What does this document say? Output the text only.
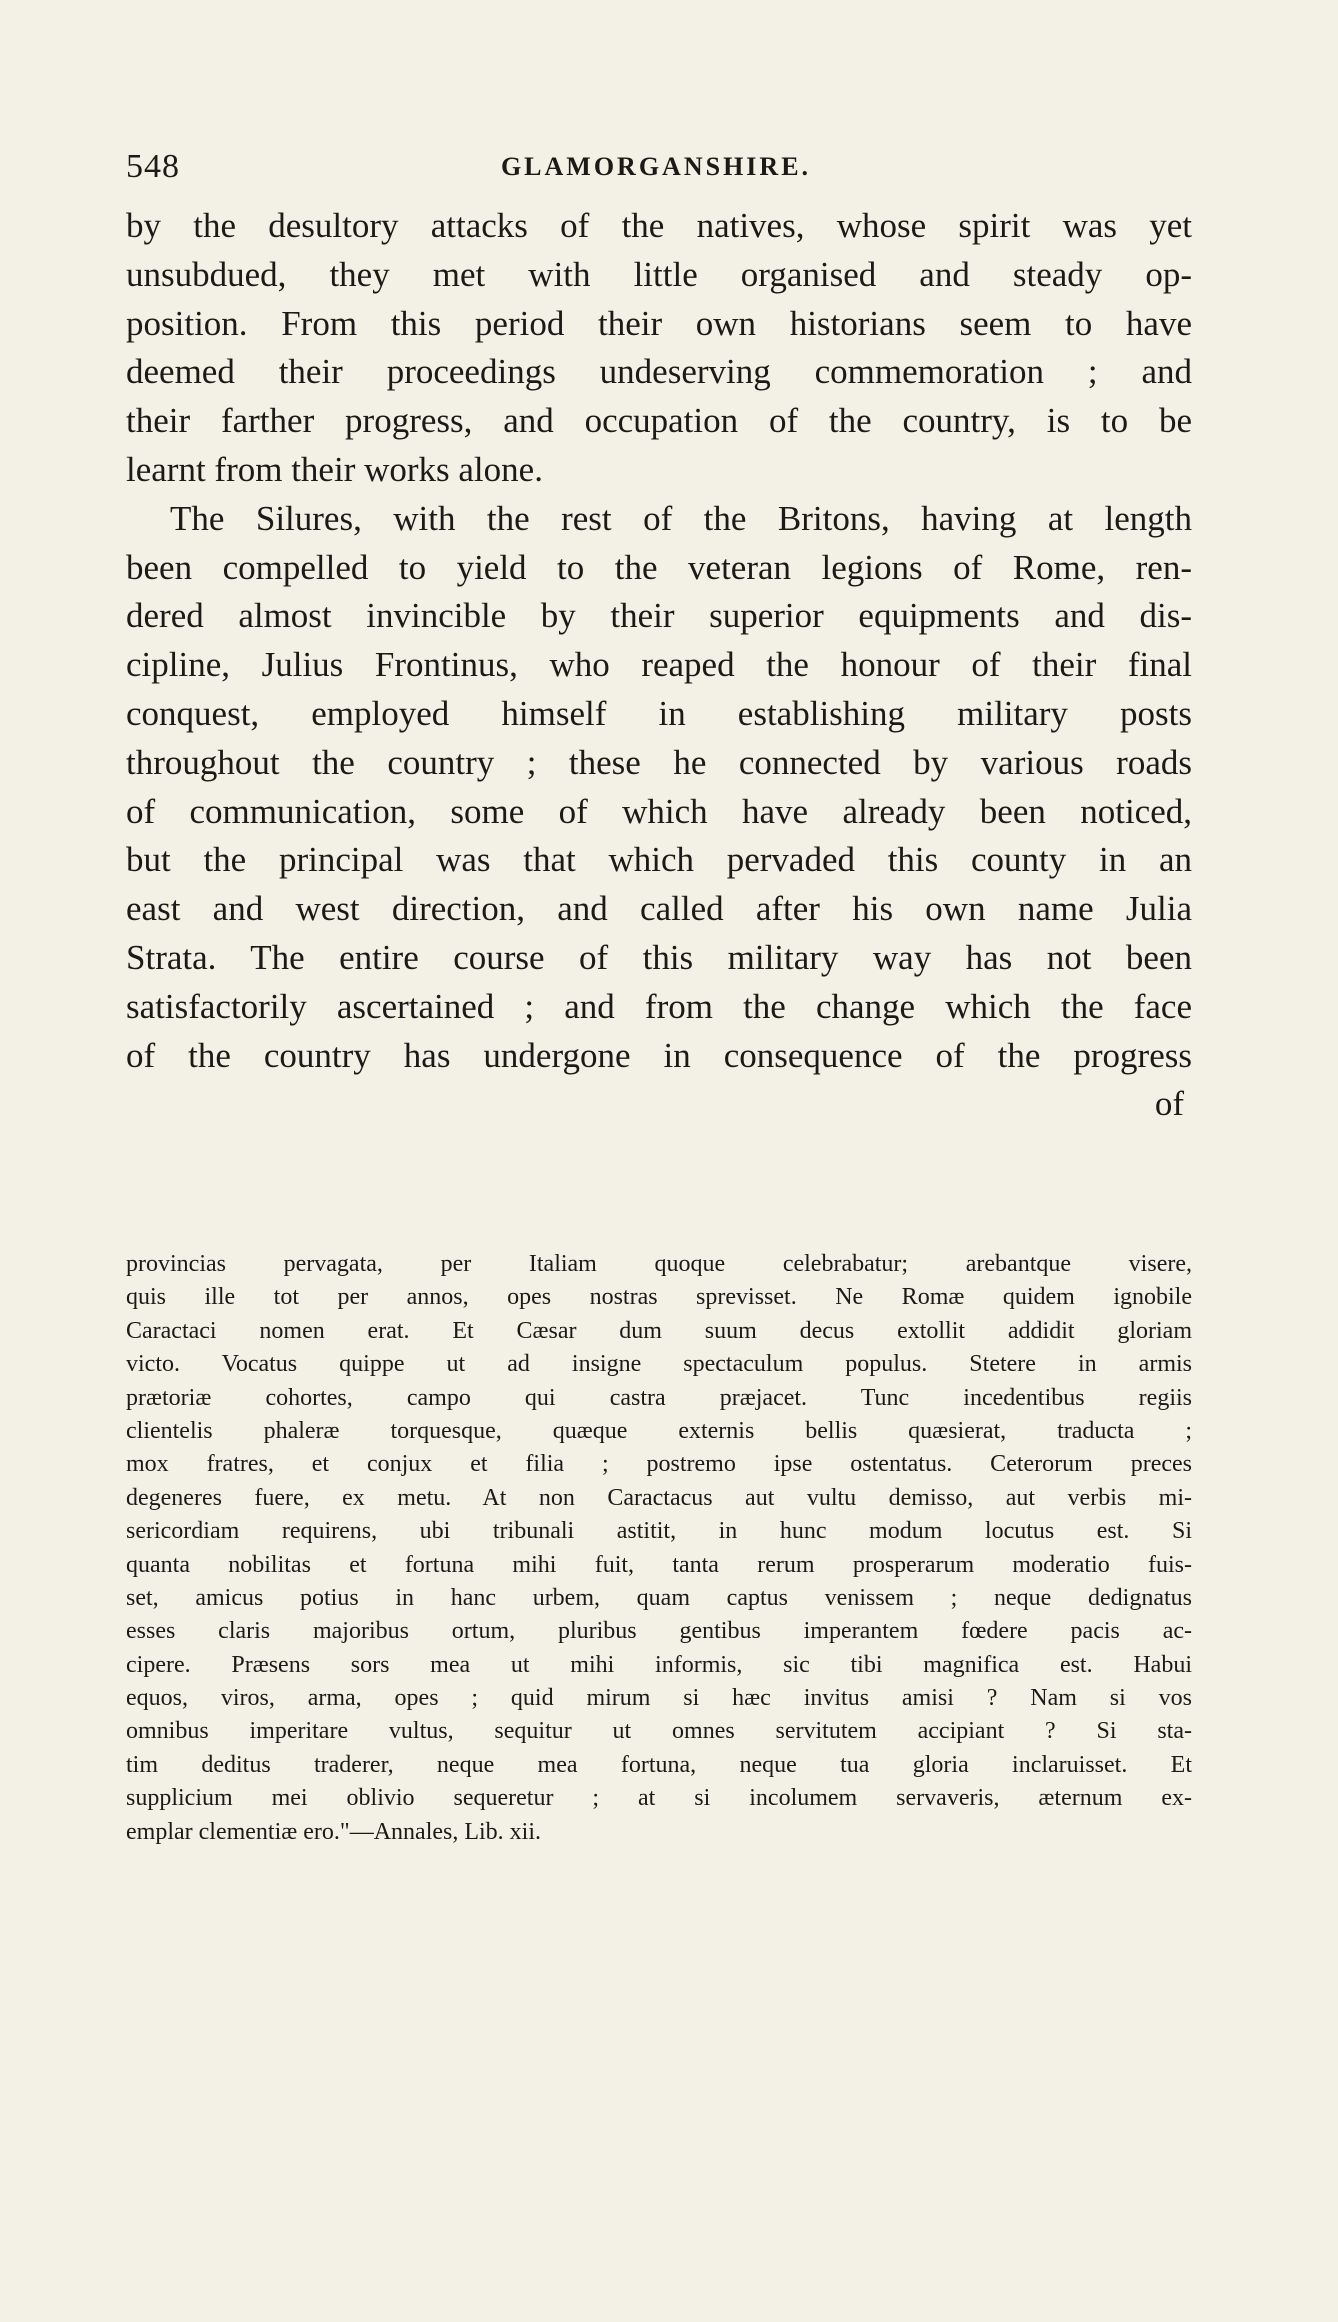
548	GLAMORGANSHIRE.
by the desultory attacks of the natives, whose spirit was yet
unsubdued, they met with little organised and steady op-
position. From this period their own historians seem to have
deemed their proceedings undeserving commemoration ; and
their farther progress, and occupation of the country, is to be
learnt from their works alone.
The Silures, with the rest of the Britons, having at length
been compelled to yield to the veteran legions of Rome, ren-
dered almost invincible by their superior equipments and dis-
cipline, Julius Frontinus, who reaped the honour of their final
conquest, employed himself in establishing military posts
throughout the country ; these he connected by various roads
of communication, some of which have already been noticed,
but the principal was that which pervaded this county in an
east and west direction, and called after his own name Julia
Strata. The entire course of this military way has not been
satisfactorily ascertained ; and from the change which the face
of the country has undergone in consequence of the progress
of
provincias pervagata, per Italiam quoque celebrabatur; arebantque visere,
quis ille tot per annos, opes nostras sprevisset. Ne Romæ quidem ignobile
Caractaci nomen erat. Et Cæsar dum suum decus extollit addidit gloriam
victo. Vocatus quippe ut ad insigne spectaculum populus. Stetere in armis
prætoriæ cohortes, campo qui castra præjacet. Tunc incedentibus regiis
clientelis phaleræ torquesque, quæque externis bellis quæsierat, traducta ;
mox fratres, et conjux et filia ; postremo ipse ostentatus. Ceterorum preces
degeneres fuere, ex metu. At non Caractacus aut vultu demisso, aut verbis mi-
sericordiam requirens, ubi tribunali astitit, in hunc modum locutus est. Si
quanta nobilitas et fortuna mihi fuit, tanta rerum prosperarum moderatio fuis-
set, amicus potius in hanc urbem, quam captus venissem ; neque dedignatus
esses claris majoribus ortum, pluribus gentibus imperantem fœdere pacis ac-
cipere. Præsens sors mea ut mihi informis, sic tibi magnifica est. Habui
equos, viros, arma, opes ; quid mirum si hæc invitus amisi ? Nam si vos
omnibus imperitare vultus, sequitur ut omnes servitutem accipiant ? Si sta-
tim deditus traderer, neque mea fortuna, neque tua gloria inclaruisset. Et
supplicium mei oblivio sequeretur ; at si incolumem servaveris, æternum ex-
emplar clementiæ ero."—Annales, Lib. xii.
